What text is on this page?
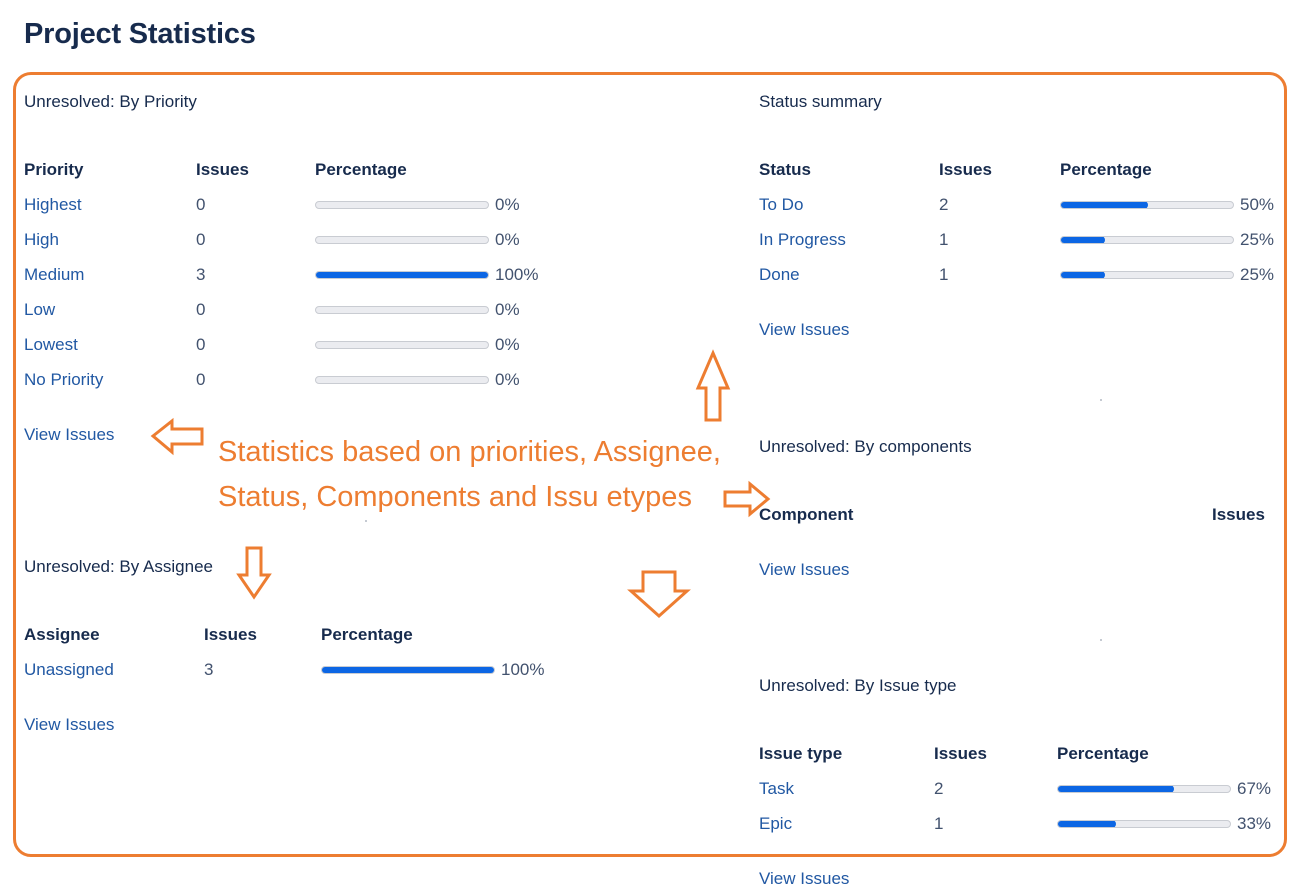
Project Statistics
Unresolved: By Priority
Priority	Issues	Percentage
Highest	0	0%
High	0	0%
Medium	3	100%
Low	0	0%
Lowest	0	0%
No Priority	0	0%
View Issues
Unresolved: By Assignee
Assignee	Issues	Percentage
Unassigned	3	100%
View Issues
Status summary
Status	Issues	Percentage
To Do	2	50%
In Progress	1	25%
Done	1	25%
View Issues
Unresolved: By components
Component	Issues
View Issues
Unresolved: By Issue type
Issue type	Issues	Percentage
Task	2	67%
Epic	1	33%
View Issues
Statistics based on priorities, Assignee,
Status, Components and Issu etypes
